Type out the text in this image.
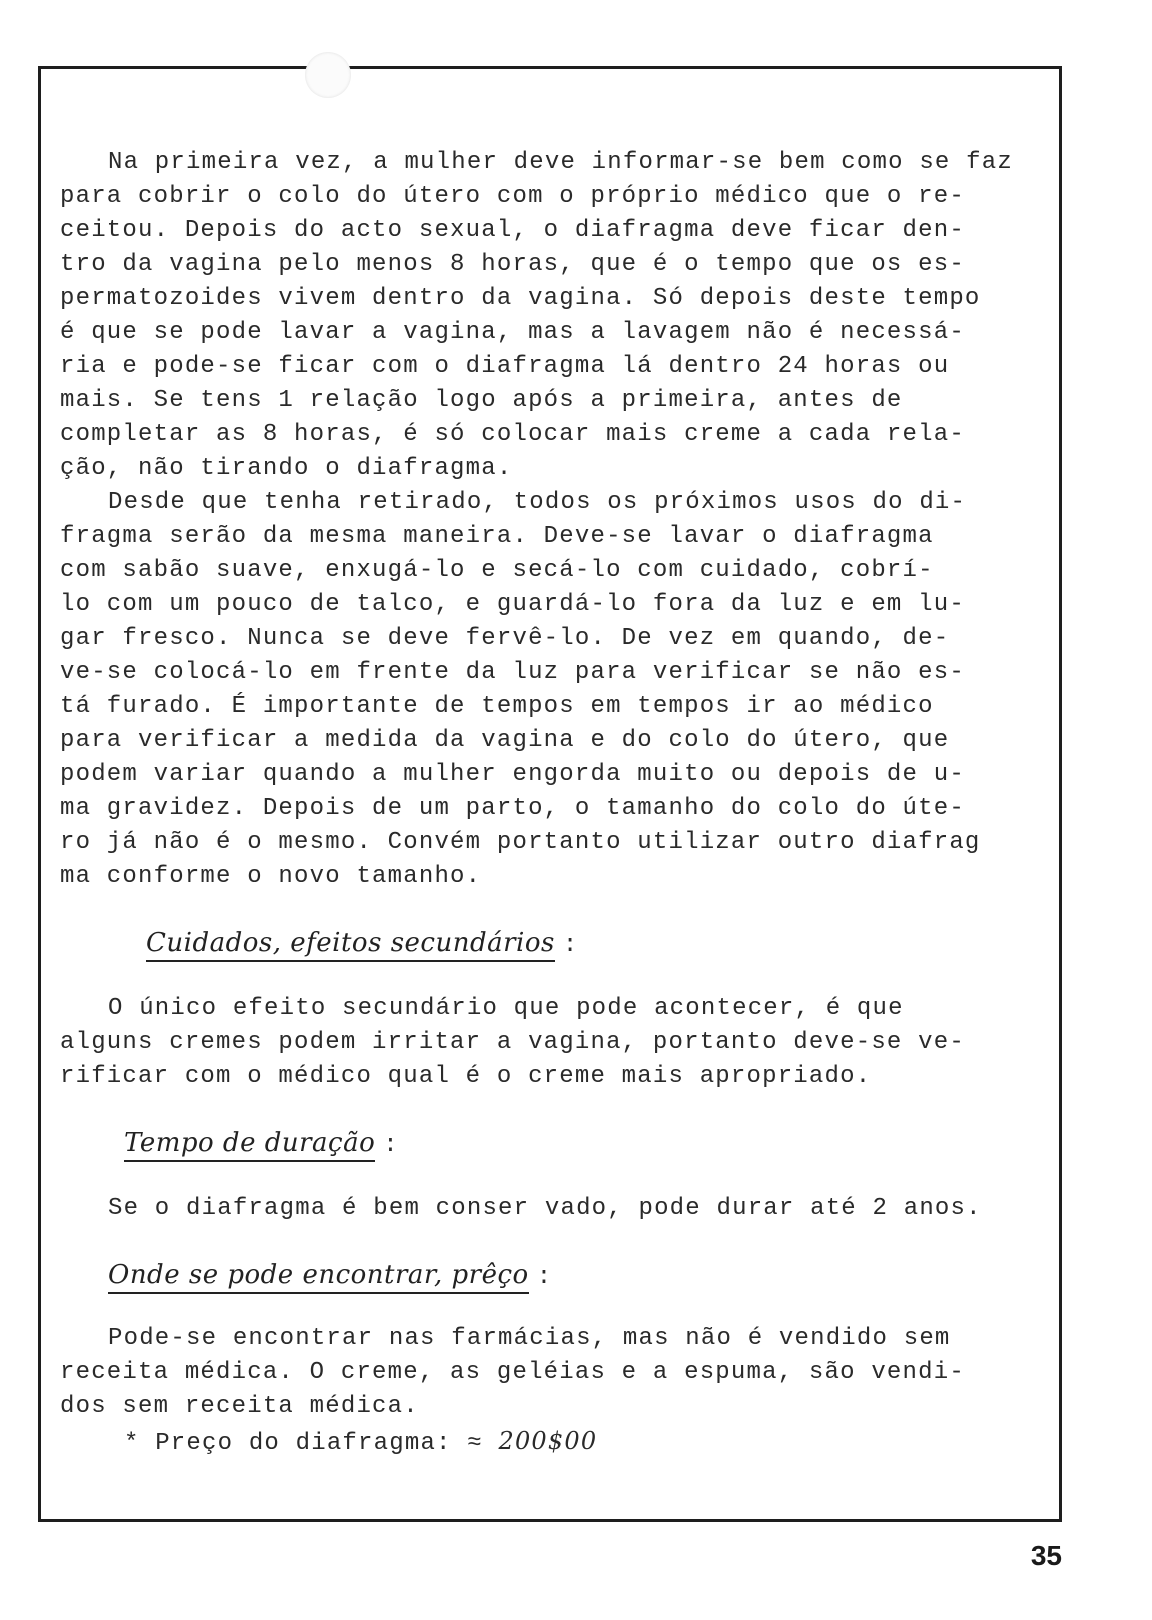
Na primeira vez, a mulher deve informar-se bem como se faz
para cobrir o colo do útero com o próprio médico que o re-
ceitou. Depois do acto sexual, o diafragma deve ficar den-
tro da vagina pelo menos 8 horas, que é o tempo que os es-
permatozoides vivem dentro da vagina. Só depois deste tempo
é que se pode lavar a vagina, mas a lavagem não é necessá-
ria e pode-se ficar com o diafragma lá dentro 24 horas ou
mais. Se tens 1 relação logo após a primeira, antes de
completar as 8 horas, é só colocar mais creme a cada rela-
ção, não tirando o diafragma.
Desde que tenha retirado, todos os próximos usos do di-
fragma serão da mesma maneira. Deve-se lavar o diafragma
com sabão suave, enxugá-lo e secá-lo com cuidado, cobrí-
lo com um pouco de talco, e guardá-lo fora da luz e em lu-
gar fresco. Nunca se deve fervê-lo. De vez em quando, de-
ve-se colocá-lo em frente da luz para verificar se não es-
tá furado. É importante de tempos em tempos ir ao médico
para verificar a medida da vagina e do colo do útero, que
podem variar quando a mulher engorda muito ou depois de u-
ma gravidez. Depois de um parto, o tamanho do colo do úte-
ro já não é o mesmo. Convém portanto utilizar outro diafrag
ma conforme o novo tamanho.
Cuidados, efeitos secundários :
O único efeito secundário que pode acontecer, é que
alguns cremes podem irritar a vagina, portanto deve-se ve-
rificar com o médico qual é o creme mais apropriado.
Tempo de duração :
Se o diafragma é bem conser vado, pode durar até 2 anos.
Onde se pode encontrar, prêço :
Pode-se encontrar nas farmácias, mas não é vendido sem
receita médica. O creme, as geléias e a espuma, são vendi-
dos sem receita médica.
* Preço do diafragma: ≈ 200$00
35
